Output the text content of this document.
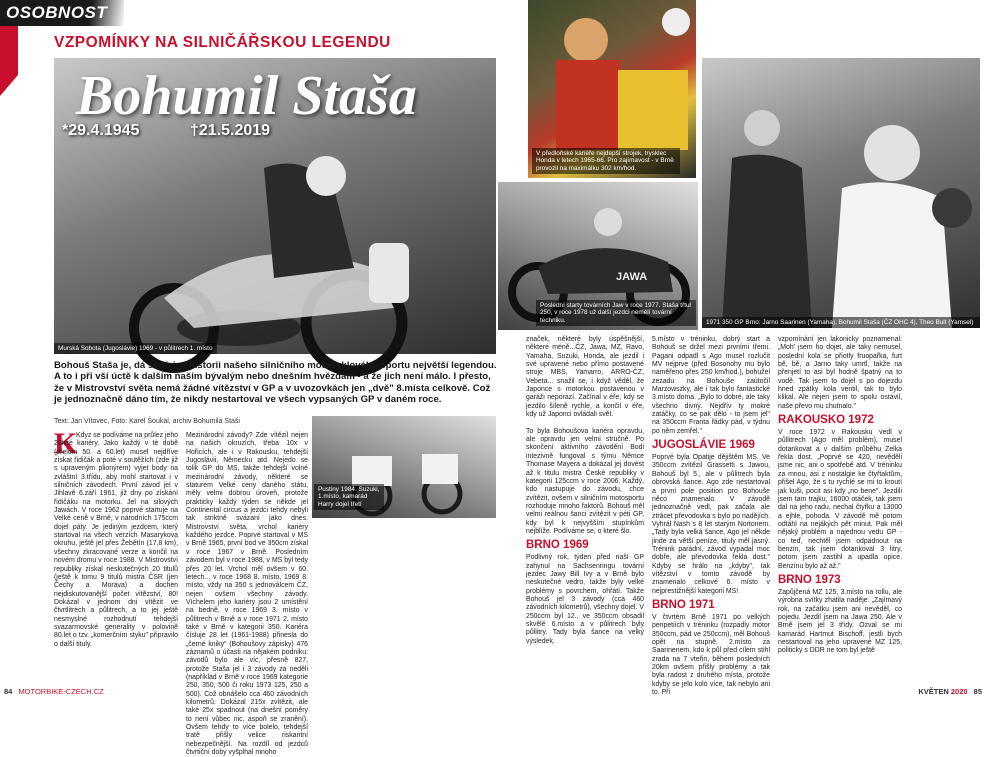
OSOBNOST
VZPOMÍNKY NA SILNIČÁŘSKOU LEGENDU
Bohumil Staša
*29.4.1945	†21.5.2019
Murská Sobota (Jugoslávie) 1969 - v půlitrech 1. místo
Bohouš Staša je, dá se říci, v historii našeho silničního motocyklového sportu největší legendou. A to i při vší úctě k dalším našim bývalým nebo dnešním hvězdám - a že jich není málo. I přesto, že v Mistrovství světa nemá žádné vítězství v GP a v uvozovkách jen „dvě" 8.místa celkově. Což je jednoznačně dáno tím, že nikdy nestartoval ve všech vypsaných GP v daném roce.
Text: Jan Vítovec, Foto: Karel Šoukal, archiv Bohumila Staši
K
Kdyz se podíváme na průlez jeho 28leté kariéry. Jako každý v té době (přelom 50. a 60.let) musel nejdříve získat řidičák a poté v soutěžích (zde již s upraveným plionýrem) vyjet body na zvláštní 3.třídu, aby mohl startovat i v silničních závodech. První závod jel v Jihlavě 6.září 1961, již dny po získání řidičáku na motorku. Jel na silových Jawách. V roce 1962 poprvé startuje na Velké ceně v Brně, v národních 175ccm dojel páty. Je jediným jezdcem, který startoval na všech verzích Masarykova okruhu, ještě jel přes Žebětín (17,8 km), všechny zkracované verze a končil na novém dromu v roce 1988. V Mistrovství republiky získal neskutečných 20 titulů (ještě k tomu 9 titulů mistra ČSR (jen Čechy a Morava) a dochen nejdiskutovanější počet vítězství, 80! Dokázal v jednom dni vítězit ve čtvrtlitrech a půlitrech, a to jej ještě nesmyslné rozhodnutí tehdejší svazarmovské generality v polovině 80.let o tzv. „komerčním styku" připravilo o další tituly.
Pustiny 1984. Suzuki, 1.místo, kamarád Harry dojel třetí
Mezinárodní závody? Zde vítězil nejen na našich okruzích, třeba 10x v Hořicích, ale i v Rakousku, tehdejší Jugoslávii, Německu atd. Nejedo se tolik GP do MS, takže tehdejší volné mezinárodní závody, některé se staturem Velké ceny daného státu, měly velmi dobrou úroveň, protože prakticky každý týden se někde jel Continental circus a jezdci tehdy nebyli tak striktně svázaní jako dnes. Mistrovství světa, vrchol kariéry každého jezdce. Poprvé startoval v MS v Brně 1965, první bod ve 350cm získal v roce 1967 v Brně. Posledním závodem byl v roce 1988, v MS byl tedy přes 20 let. Vrchol měl ovšem v 60. letech... v roce 1968 8. místo, 1969 8. místo, vždy na 350 s jednoválcem ČZ, nejen ovšem všechny závody. Víchelem jeho kariéry jsou 2 umístění na bedně, v roce 1969 3. místo v půlitrech v Brně a v roce 1971 2. místo také v Brně v kategorii 350. Kariéra čísluje 28 let (1961-1988) přinesla do „černé kniky" (Bohoušovy zápisky) 476 záznamů o účasti na nějakém podniku: závodů bylo ale víc, přesně 827, protože Staša jel i 3 závody za neděli (například v Brně v roce 1969 kategorie 250, 350, 500 či roku 1973 125, 250 a 500). Což obnášelo cca 460 závodních kilometrů. Dokázal 215x zvítězit, ale také 25x spadnout (na dnešní poměry to není vůbec nic, aspoň se zranění). Ovšem tehdy to více bolelo, tehdejší tratě přišly velice riskantní nebezpečnější. Na rozdíl od jezdců čtvrtiční doby vyšplhal mnoho
84 MOTORBIKE-CZECH.CZ
V předloňské kariéře nejdepší strojek, trysklec Honda v letech 1965-66. Pro zajímavost - v Brně provozil na maximálku 302 km/hod.
JAWA
Poslední starty továrních Jaw v roce 1977. Staša třtul 250, v roce 1978 už další jezdci nemělí tovární techniku.	1971 350 GP Brno: Jarno Saarinen (Yamaha), Bohumil Staša (ČZ OHC 4), Theo Bult (Yamsel)

značek, některé byly úspěšnější, některé méně...ČZ, Jawa, MZ, Ravo, Yamaha, Suzuki, Honda, ale jezdil i své upravené nebo přímo postavené stroje MBS, Yamarro, ARRO-ČZ, Vebeta... snažil se, i když věděl, že Japonce s motorkou postavenou v garáži neporazí. Začínal v éře, kdy se jezdilo šíleně rychle, a končil v éře, kdy už Japonci ovládali svět.

To byla Bohoušova kariéra opravdu, ale opravdu jen velmi stručně. Po skončení aktivního závodění Bodi intezivně fungoval s týmu Němce Thomase Mayera a dokázal jej dovést až k titulu mistra České republiky v kategorii 125ccm v roce 2006. Každý, kdo nastupuje do závodu, chce zvítězit, ovšem v silničním motosportu rozhoduje mnoho faktorů. Bohouš měl velmi reálnou šanci zvítězit v péti GP, kdy byl k nejvyšším stupínkům nejblíže. Podíváme se, o které šlo.

BRNO 1969

Podlivný rok, týden před naší GP zahynul na Sachsenringu tovární jezdec Jawy Bill Ivy a v Brně bylo neskutečné vedro, takže byly velké problémy s povrchem, ohřátí. Takže Bohouš jel 3 závody (cca 460 závodních kilometrů), všechny dojel. V 250ccm byl 12., ve 350ccm obsadil skvělé 6.místo a v půlitrech byly půllitry. Tady byla šance na velký výsledek,

5.místo v tréninku, dobrý start a Bohouš se držel mezi prvními třemi. Pagani odpadl s Ago musel rozlučit MV nejprve (před Bosonohy mu bylo naměřeno přes 250 km/hod.), bohužel zezadu na Bohouše zaútočil Marzowszky, ale i tak bylo fantastické 3.místo doma. „Bylo to dobré, ale taky všechno divný. Nejdřív ty mokré zatáčky, co se pak dělo - to jsem jel" na 350ccm Franta řádky pád, v týdnu po něm zemřel."

JUGOSLÁVIE 1969

Poprvé byla Opatije dějištěm MS. Ve 350ccm zvítězil Grassetti s Jawou, Bohouš byl 5., ale v půlitrech byla obrovská šance. Ago zde nestartoval a první pole position pro Bohouše něco znamenalo. V závodě jednoznačně vedl, pak začala ale ztrácet převodovka s bylo po nadějích. Vyhrál Nash s 8 let starým Nortonem. „Tady byla velká šance, Ago jel někde jinde za větší peníze, tituly měl jasný. Trénink parádní, závod vypadal moc dobře, ale převodovka řekla dost." Kdyby se hrálo na „kdyby", tak vítězství v tomto závodě by znamenalo celkové 6. místo v nejprestižnější kategorii MS!

BRNO 1971

V čtvrtém Brně 1971 po velkých peripetiích v tréninku (rozpadly motor 350ccm, pád ve 250ccm), měl Bohouš opět na stupně. 2.místo za Saarinenem, kdo k půl před cílem stihl zrada na 7 vteřin, během posledních 20km ovšem přišly problémy a tak byla radost z druhého místa, protože kdyby se jelo kolo více, tak nebylo ani to. Při

vzpomínání jen lakonicky poznamenal: „Moh' jsem ho dojet, ale taky nemusel, poslední kola se přiotly fruopařka, furt bě, bě, a Jarno taky umrtl, takže na přenjetí to asi byl hodně špatný na to vodě. Tak jsem to dojel s po dojezdu hned zpátky kola ventil, tak to bylo klikal. Ale nejen jsem to spolu ostávil, naše převo mu chutnalo."

RAKOUSKO 1972

V roce 1972 v Rakousku vedl v půllitrech (Ago měl problém), musel dotankovat a v dalším průběhu Zelka řekla dost. „Poprvé se 420, nevěděli jsme nic, ani o spotřebě atd. V tréninku za mnou, asi z nostalgie ke čtyřtaktům, přišel Ago, že s tu rychlé se mi to kroutí jak kuši, pocit asi kdy „no bene". Jezdili jsem tam trajku, 16000 otáček, tak jsem dal na jeho radu, nechal čtyřku a 13000 a ejhle, pohoda. V závodě mě potom odtáhl na nejákých pět minut. Pak měl nějaký problém a najednou vedu GP - co teď, nechtěl jsem odpadnout na benzin, tak jsem dotankoval 3 litry, potom jsem zastihl a upadla opice. Benzínu bylo až až."

BRNO 1973

Zapůjčená MZ 125, 3.místo na rollu, ale výrobna svítky zhatila naděje. „Zajímavý rok, na začátku jsem ani nevěděl, co pojedu. Jezdil jsem na Jawa 250. Ale v Brně jsem jel 3 třídy. Ozval se mi kamarád Hartmut Bischoff, jestli bych nestartoval na jeho upravené MZ 125, politicky s DDR ne tom byl ještě

KVĚTEN 2020 85
